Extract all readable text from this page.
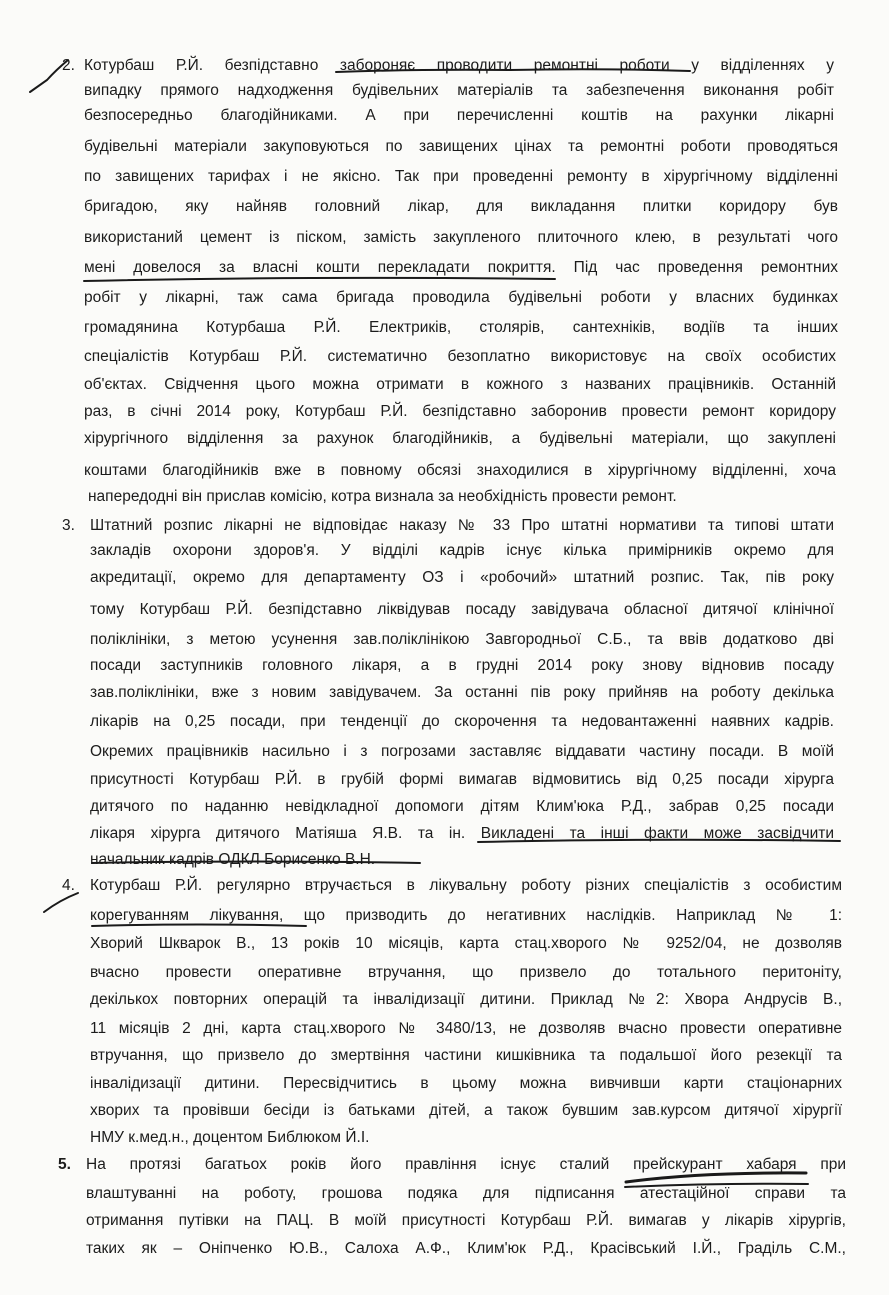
2. Котурбаш Р.Й. безпідставно забороняє проводити ремонтні роботи у відділеннях у
випадку прямого надходження будівельних матеріалів та забезпечення виконання робіт
безпосередньо благодійниками. А при перечисленні коштів на рахунки лікарні
будівельні матеріали закуповуються по завищених цінах та ремонтні роботи проводяться
по завищених тарифах і не якісно. Так при проведенні ремонту в хірургічному відділенні
бригадою, яку найняв головний лікар, для викладання плитки коридору був
використаний цемент із піском, замість закупленого плиточного клею, в результаті чого
мені довелося за власні кошти перекладати покриття. Під час проведення ремонтних
робіт у лікарні, таж сама бригада проводила будівельні роботи у власних будинках
громадянина Котурбаша Р.Й. Електриків, столярів, сантехніків, водіїв та інших
спеціалістів Котурбаш Р.Й. систематично безоплатно використовує на своїх особистих
об'єктах. Свідчення цього можна отримати в кожного з названих працівників. Останній
раз, в січні 2014 року, Котурбаш Р.Й. безпідставно заборонив провести ремонт коридору
хірургічного відділення за рахунок благодійників, а будівельні матеріали, що закуплені
коштами благодійників вже в повному обсязі знаходилися в хірургічному відділенні, хоча
напередодні він прислав комісію, котра визнала за необхідність провести ремонт.
3. Штатний розпис лікарні не відповідає наказу № 33 Про штатні нормативи та типові штати
закладів охорони здоров'я. У відділі кадрів існує кілька примірників окремо для
акредитації, окремо для департаменту ОЗ і «робочий» штатний розпис. Так, пів року
тому Котурбаш Р.Й. безпідставно ліквідував посаду завідувача обласної дитячої клінічної
поліклініки, з метою усунення зав.поліклінікою Завгородньої С.Б., та ввів додатково дві
посади заступників головного лікаря, а в грудні 2014 року знову відновив посаду
зав.поліклініки, вже з новим завідувачем. За останні пів року прийняв на роботу декілька
лікарів на 0,25 посади, при тенденції до скорочення та недовантаженні наявних кадрів.
Окремих працівників насильно і з погрозами заставляє віддавати частину посади. В моїй
присутності Котурбаш Р.Й. в грубій формі вимагав відмовитись від 0,25 посади хірурга
дитячого по наданню невідкладної допомоги дітям Клим'юка Р.Д., забрав 0,25 посади
лікаря хірурга дитячого Матіяша Я.В. та ін. Викладені та інші факти може засвідчити
начальник кадрів ОДКЛ Борисенко В.Н.
4. Котурбаш Р.Й. регулярно втручається в лікувальну роботу різних спеціалістів з особистим
корегуванням лікування, що призводить до негативних наслідків. Наприклад № 1:
Хворий Шкварок В., 13 років 10 місяців, карта стац.хворого № 9252/04, не дозволяв
вчасно провести оперативне втручання, що призвело до тотального перитоніту,
декількох повторних операцій та інвалідизації дитини. Приклад №2: Хвора Андрусів В.,
11 місяців 2 дні, карта стац.хворого № 3480/13, не дозволяв вчасно провести оперативне
втручання, що призвело до змертвіння частини кишківника та подальшої його резекції та
інвалідизації дитини. Пересвідчитись в цьому можна вивчивши карти стаціонарних
хворих та провівши бесіди із батьками дітей, а також бувшим зав.курсом дитячої хірургії
НМУ к.мед.н., доцентом Библюком Й.І.
5. На протязі багатьох років його правління існує сталий прейскурант хабаря при
влаштуванні на роботу, грошова подяка для підписання атестаційної справи та
отримання путівки на ПАЦ. В моїй присутності Котурбаш Р.Й. вимагав у лікарів хірургів,
таких як – Оніпченко Ю.В., Салоха А.Ф., Клим'юк Р.Д., Красівський І.Й., Граділь С.М.,
